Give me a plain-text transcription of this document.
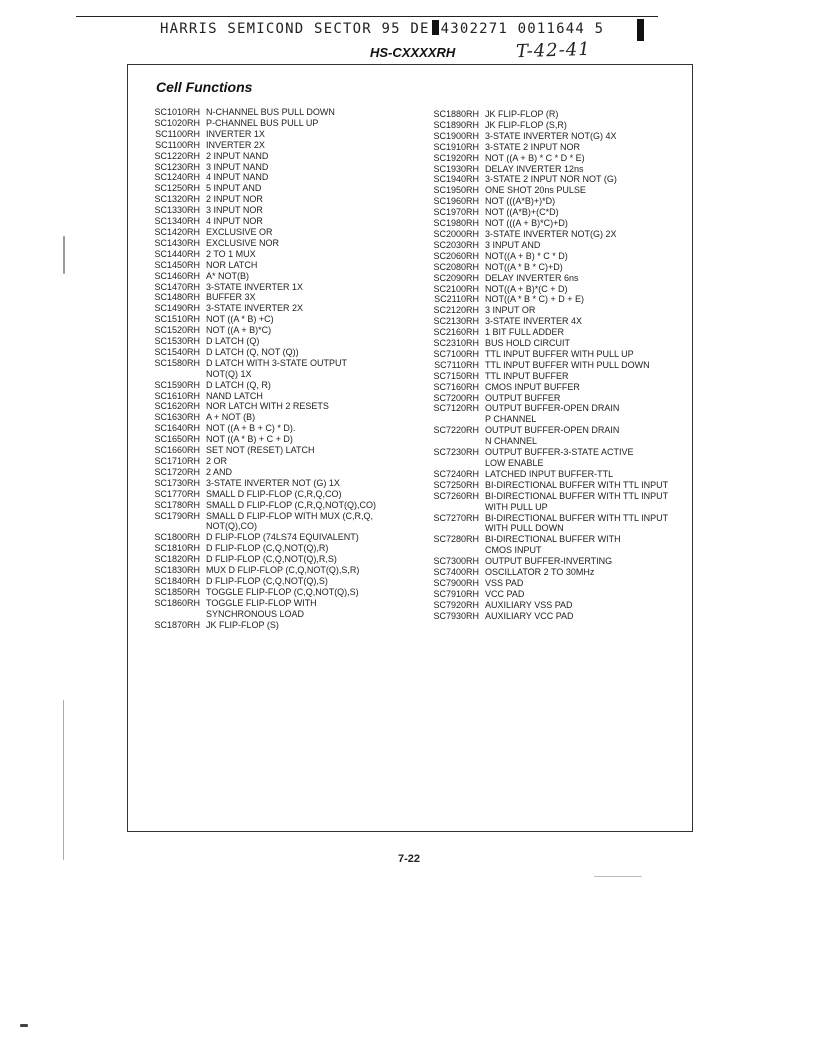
HARRIS SEMICOND SECTOR 95 DE 4302271 0011644 5
HS-CXXXXRH	T-42-41
Cell Functions
SC1010RH N-CHANNEL BUS PULL DOWN
SC1020RH P-CHANNEL BUS PULL UP
SC1100RH INVERTER 1X
SC1100RH INVERTER 2X
SC1220RH 2 INPUT NAND
SC1230RH 3 INPUT NAND
SC1240RH 4 INPUT NAND
SC1250RH 5 INPUT AND
SC1320RH 2 INPUT NOR
SC1330RH 3 INPUT NOR
SC1340RH 4 INPUT NOR
SC1420RH EXCLUSIVE OR
SC1430RH EXCLUSIVE NOR
SC1440RH 2 TO 1 MUX
SC1450RH NOR LATCH
SC1460RH A* NOT(B)
SC1470RH 3-STATE INVERTER 1X
SC1480RH BUFFER 3X
SC1490RH 3-STATE INVERTER 2X
SC1510RH NOT ((A * B) +C)
SC1520RH NOT ((A + B)*C)
SC1530RH D LATCH (Q)
SC1540RH D LATCH (Q, NOT (Q))
SC1580RH D LATCH WITH 3-STATE OUTPUT
NOT(Q) 1X
SC1590RH D LATCH (Q, R)
SC1610RH NAND LATCH
SC1620RH NOR LATCH WITH 2 RESETS
SC1630RH A + NOT (B)
SC1640RH NOT ((A + B + C) * D).
SC1650RH NOT ((A * B) + C + D)
SC1660RH SET NOT (RESET) LATCH
SC1710RH 2 OR
SC1720RH 2 AND
SC1730RH 3-STATE INVERTER NOT (G) 1X
SC1770RH SMALL D FLIP-FLOP (C,R,Q,CO)
SC1780RH SMALL D FLIP-FLOP (C,R,Q,NOT(Q),CO)
SC1790RH SMALL D FLIP-FLOP WITH MUX (C,R,Q,
NOT(Q),CO)
SC1800RH D FLIP-FLOP (74LS74 EQUIVALENT)
SC1810RH D FLIP-FLOP (C,Q,NOT(Q),R)
SC1820RH D FLIP-FLOP (C,Q,NOT(Q),R,S)
SC1830RH MUX D FLIP-FLOP (C,Q,NOT(Q),S,R)
SC1840RH D FLIP-FLOP (C,Q,NOT(Q),S)
SC1850RH TOGGLE FLIP-FLOP (C,Q,NOT(Q),S)
SC1860RH TOGGLE FLIP-FLOP WITH
SYNCHRONOUS LOAD
SC1870RH JK FLIP-FLOP (S)
SC1880RH JK FLIP-FLOP (R)
SC1890RH JK FLIP-FLOP (S,R)
SC1900RH 3-STATE INVERTER NOT(G) 4X
SC1910RH 3-STATE 2 INPUT NOR
SC1920RH NOT ((A + B) * C * D * E)
SC1930RH DELAY INVERTER 12ns
SC1940RH 3-STATE 2 INPUT NOR NOT (G)
SC1950RH ONE SHOT 20ns PULSE
SC1960RH NOT (((A*B)+)*D)
SC1970RH NOT ((A*B)+(C*D)
SC1980RH NOT (((A + B)*C)+D)
SC2000RH 3-STATE INVERTER NOT(G) 2X
SC2030RH 3 INPUT AND
SC2060RH NOT((A + B) * C * D)
SC2080RH NOT((A * B * C)+D)
SC2090RH DELAY INVERTER 6ns
SC2100RH NOT((A + B)*(C + D)
SC2110RH NOT((A * B * C) + D + E)
SC2120RH 3 INPUT OR
SC2130RH 3-STATE INVERTER 4X
SC2160RH 1 BIT FULL ADDER
SC2310RH BUS HOLD CIRCUIT
SC7100RH TTL INPUT BUFFER WITH PULL UP
SC7110RH TTL INPUT BUFFER WITH PULL DOWN
SC7150RH TTL INPUT BUFFER
SC7160RH CMOS INPUT BUFFER
SC7200RH OUTPUT BUFFER
SC7120RH OUTPUT BUFFER-OPEN DRAIN
P CHANNEL
SC7220RH OUTPUT BUFFER-OPEN DRAIN
N CHANNEL
SC7230RH OUTPUT BUFFER-3-STATE ACTIVE
LOW ENABLE
SC7240RH LATCHED INPUT BUFFER-TTL
SC7250RH BI-DIRECTIONAL BUFFER WITH TTL INPUT
SC7260RH BI-DIRECTIONAL BUFFER WITH TTL INPUT
WITH PULL UP
SC7270RH BI-DIRECTIONAL BUFFER WITH TTL INPUT
WITH PULL DOWN
SC7280RH BI-DIRECTIONAL BUFFER WITH
CMOS INPUT
SC7300RH OUTPUT BUFFER-INVERTING
SC7400RH OSCILLATOR 2 TO 30MHz
SC7900RH VSS PAD
SC7910RH VCC PAD
SC7920RH AUXILIARY VSS PAD
SC7930RH AUXILIARY VCC PAD
7-22
